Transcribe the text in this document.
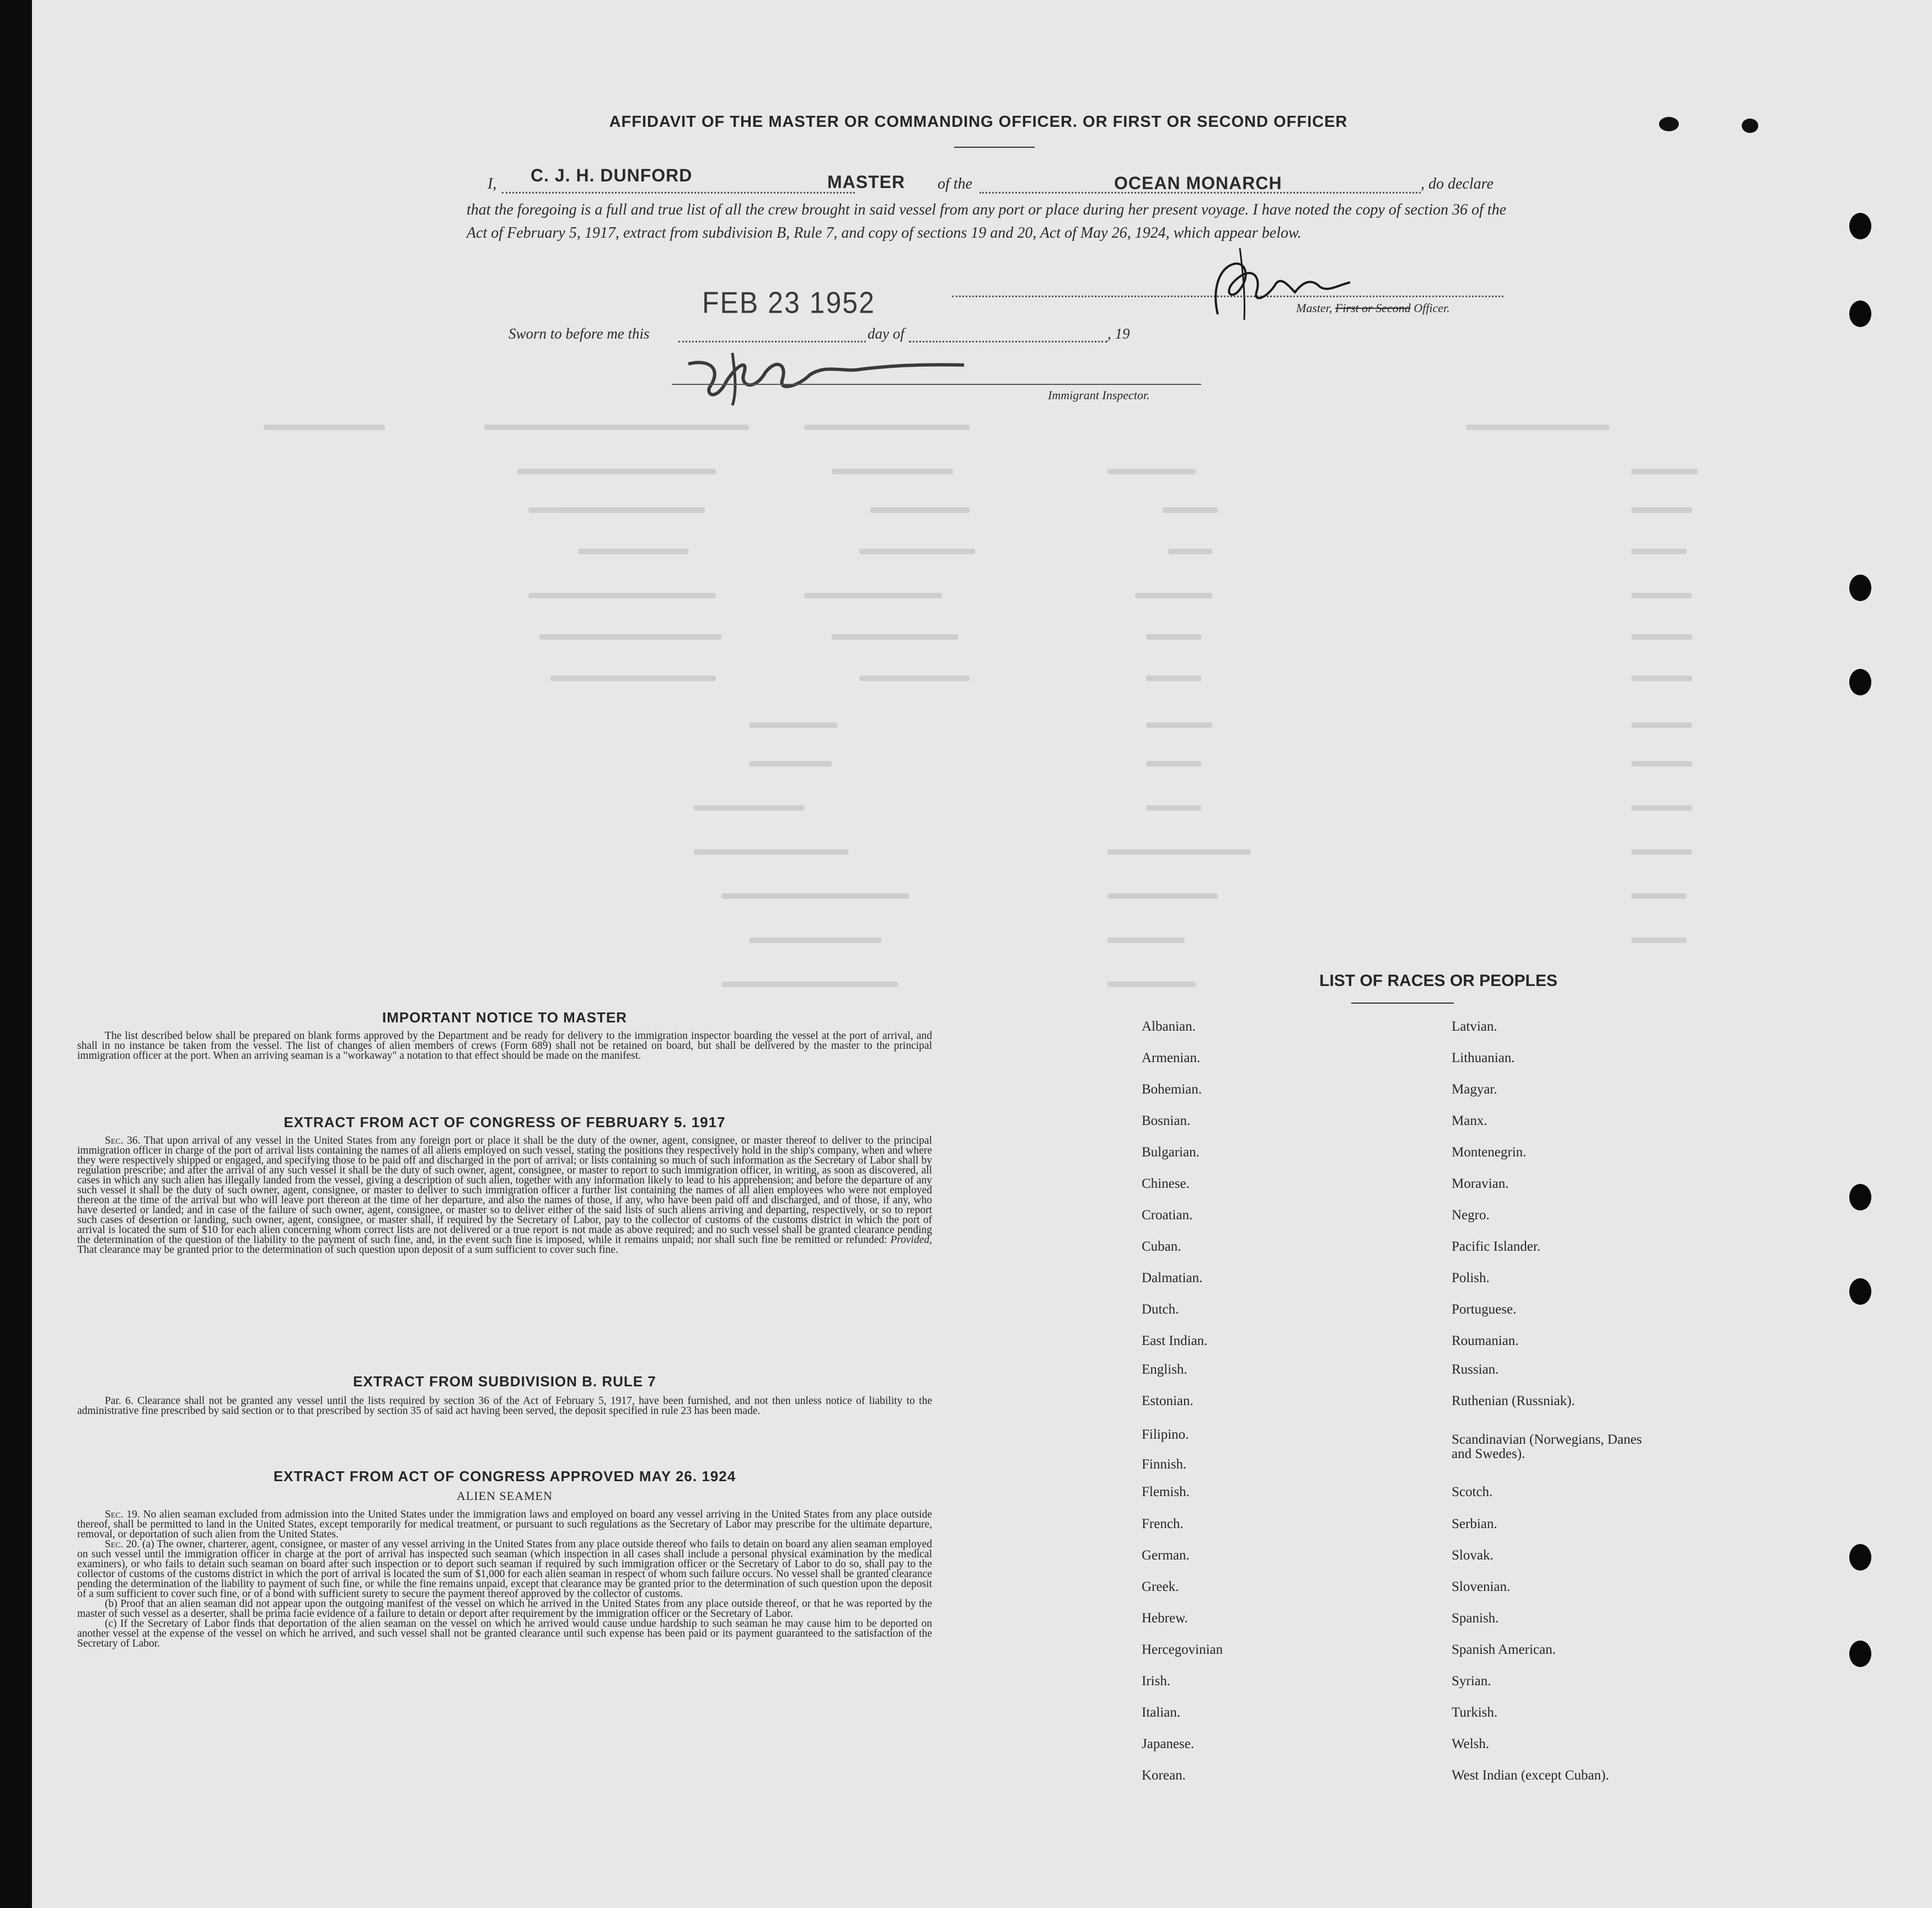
AFFIDAVIT OF THE MASTER OR COMMANDING OFFICER. OR FIRST OR SECOND OFFICER
I, C. J. H. DUNFORD	MASTER of the	OCEAN MONARCH	, do declare
that the foregoing is a full and true list of all the crew brought in said vessel from any port or place during her present voyage. I have noted the copy of section 36 of the Act of February 5, 1917, extract from subdivision B, Rule 7, and copy of sections 19 and 20, Act of May 26, 1924, which appear below.
FEB 23 1952	Master, First or Second Officer.
Sworn to before me this	day of	, 19
Immigrant Inspector.
IMPORTANT NOTICE TO MASTER
The list described below shall be prepared on blank forms approved by the Department and be ready for delivery to the immigration inspector boarding the vessel at the port of arrival, and shall in no instance be taken from the vessel. The list of changes of alien members of crews (Form 689) shall not be retained on board, but shall be delivered by the master to the principal immigration officer at the port. When an arriving seaman is a "workaway" a notation to that effect should be made on the manifest.
EXTRACT FROM ACT OF CONGRESS OF FEBRUARY 5. 1917
Sec. 36. That upon arrival of any vessel in the United States from any foreign port or place it shall be the duty of the owner, agent, consignee, or master thereof to deliver to the principal immigration officer in charge of the port of arrival lists containing the names of all aliens employed on such vessel, stating the positions they respectively hold in the ship's company, when and where they were respectively shipped or engaged, and specifying those to be paid off and discharged in the port of arrival; or lists containing so much of such information as the Secretary of Labor shall by regulation prescribe; and after the arrival of any such vessel it shall be the duty of such owner, agent, consignee, or master to report to such immigration officer, in writing, as soon as discovered, all cases in which any such alien has illegally landed from the vessel, giving a description of such alien, together with any information likely to lead to his apprehension; and before the departure of any such vessel it shall be the duty of such owner, agent, consignee, or master to deliver to such immigration officer a further list containing the names of all alien employees who were not employed thereon at the time of the arrival but who will leave port thereon at the time of her departure, and also the names of those, if any, who have been paid off and discharged, and of those, if any, who have deserted or landed; and in case of the failure of such owner, agent, consignee, or master so to deliver either of the said lists of such aliens arriving and departing, respectively, or so to report such cases of desertion or landing, such owner, agent, consignee, or master shall, if required by the Secretary of Labor, pay to the collector of customs of the customs district in which the port of arrival is located the sum of $10 for each alien concerning whom correct lists are not delivered or a true report is not made as above required; and no such vessel shall be granted clearance pending the determination of the question of the liability to the payment of such fine, and, in the event such fine is imposed, while it remains unpaid; nor shall such fine be remitted or refunded: Provided, That clearance may be granted prior to the determination of such question upon deposit of a sum sufficient to cover such fine.
EXTRACT FROM SUBDIVISION B. RULE 7
Par. 6. Clearance shall not be granted any vessel until the lists required by section 36 of the Act of February 5, 1917, have been furnished, and not then unless notice of liability to the administrative fine prescribed by said section or to that prescribed by section 35 of said act having been served, the deposit specified in rule 23 has been made.
EXTRACT FROM ACT OF CONGRESS APPROVED MAY 26. 1924
ALIEN SEAMEN

Sec. 19. No alien seaman excluded from admission into the United States under the immigration laws and employed on board any vessel arriving in the United States from any place outside thereof, shall be permitted to land in the United States, except temporarily for medical treatment, or pursuant to such regulations as the Secretary of Labor may prescribe for the ultimate departure, removal, or deportation of such alien from the United States.

Sec. 20. (a) The owner, charterer, agent, consignee, or master of any vessel arriving in the United States from any place outside thereof who fails to detain on board any alien seaman employed on such vessel until the immigration officer in charge at the port of arrival has inspected such seaman (which inspection in all cases shall include a personal physical examination by the medical examiners), or who fails to detain such seaman on board after such inspection or to deport such seaman if required by such immigration officer or the Secretary of Labor to do so, shall pay to the collector of customs of the customs district in which the port of arrival is located the sum of $1,000 for each alien seaman in respect of whom such failure occurs. No vessel shall be granted clearance pending the determination of the liability to payment of such fine, or while the fine remains unpaid, except that clearance may be granted prior to the determination of such question upon the deposit of a sum sufficient to cover such fine, or of a bond with sufficient surety to secure the payment thereof approved by the collector of customs.

(b) Proof that an alien seaman did not appear upon the outgoing manifest of the vessel on which he arrived in the United States from any place outside thereof, or that he was reported by the master of such vessel as a deserter, shall be prima facie evidence of a failure to detain or deport after requirement by the immigration officer or the Secretary of Labor.

(c) If the Secretary of Labor finds that deportation of the alien seaman on the vessel on which he arrived would cause undue hardship to such seaman he may cause him to be deported on another vessel at the expense of the vessel on which he arrived, and such vessel shall not be granted clearance until such expense has been paid or its payment guaranteed to the satisfaction of the Secretary of Labor.

LIST OF RACES OR PEOPLES
Albanian.
Armenian.
Bohemian.
Bosnian.
Bulgarian.
Chinese.
Croatian.
Cuban.
Dalmatian.
Dutch.
East Indian.
English.
Estonian.
Filipino.
Finnish.
Flemish.
French.
German.
Greek.
Hebrew.
Hercegovinian
Irish.
Italian.
Japanese.
Korean.
Latvian.
Lithuanian.
Magyar.
Manx.
Montenegrin.
Moravian.
Negro.
Pacific Islander.
Polish.
Portuguese.
Roumanian.
Russian.
Ruthenian (Russniak).
Scandinavian (Norwegians, Danes and Swedes).
Scotch.
Serbian.
Slovak.
Slovenian.
Spanish.
Spanish American.
Syrian.
Turkish.
Welsh.
West Indian (except Cuban).
